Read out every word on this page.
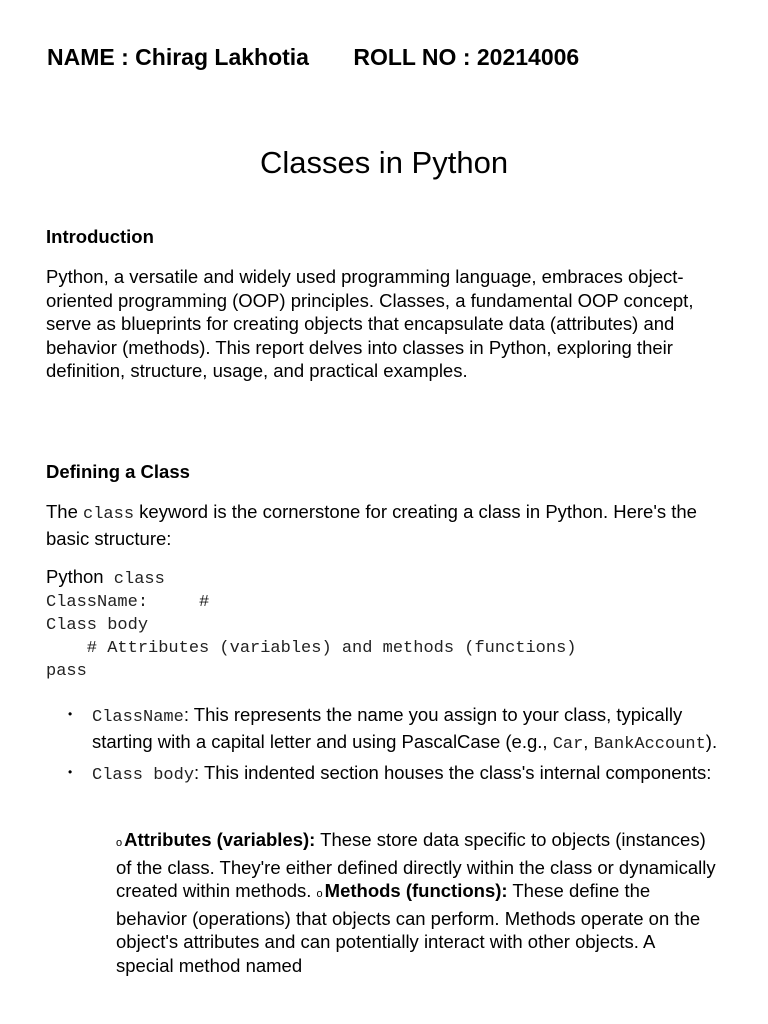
NAME : Chirag Lakhotia ROLL NO : 20214006
Classes in Python
Introduction
Python, a versatile and widely used programming language, embraces object-oriented programming (OOP) principles. Classes, a fundamental OOP concept, serve as blueprints for creating objects that encapsulate data (attributes) and behavior (methods). This report delves into classes in Python, exploring their definition, structure, usage, and practical examples.
Defining a Class
The class keyword is the cornerstone for creating a class in Python. Here's the basic structure:
Python class
ClassName:     #
Class body
# Attributes (variables) and methods (functions)
pass
• ClassName: This represents the name you assign to your class, typically starting with a capital letter and using PascalCase (e.g., Car, BankAccount).
• Class body: This indented section houses the class's internal components:
o Attributes (variables): These store data specific to objects (instances) of the class. They're either defined directly within the class or dynamically created within methods. o Methods (functions): These define the behavior (operations) that objects can perform. Methods operate on the object's attributes and can potentially interact with other objects. A special method named
